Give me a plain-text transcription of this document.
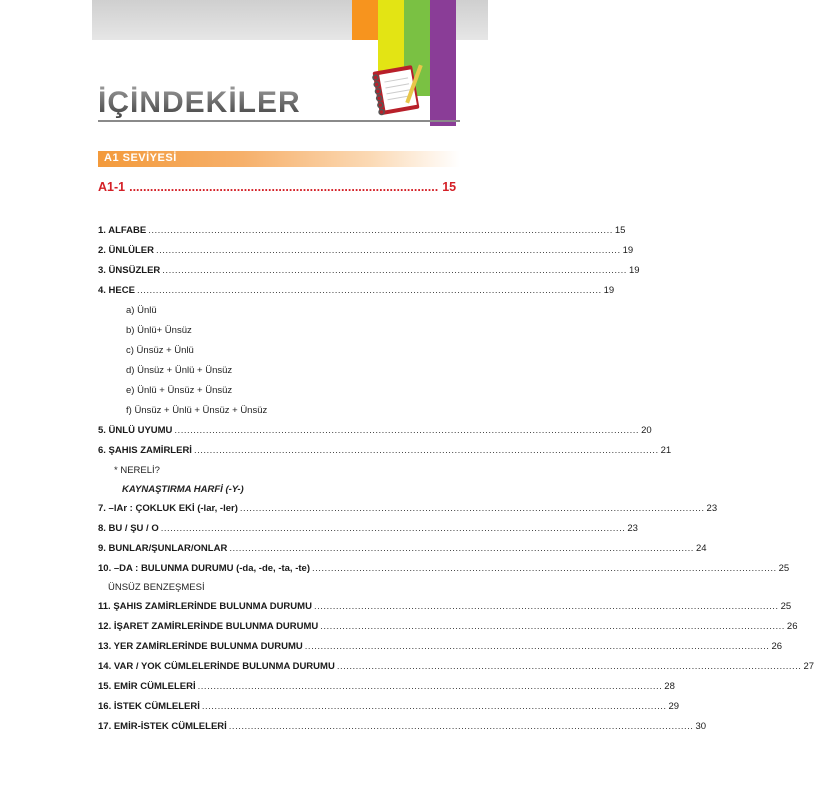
İÇİNDEKİLER
A1 SEVİYESİ
A1-1 ......................................................................................... 15
1. ALFABE .................................................................................................................................................... 15
2. ÜNLÜLER .................................................................................................................................................... 19
3. ÜNSÜZLER .................................................................................................................................................... 19
4. HECE .................................................................................................................................................... 19
a) Ünlü
b) Ünlü+ Ünsüz
c) Ünsüz + Ünlü
d) Ünsüz + Ünlü + Ünsüz
e) Ünlü + Ünsüz + Ünsüz
f) Ünsüz + Ünlü + Ünsüz + Ünsüz
5. ÜNLÜ UYUMU .................................................................................................................................................... 20
6. ŞAHIS ZAMİRLERİ .................................................................................................................................................... 21
* NERELİ?
KAYNAŞTIRMA HARFİ (-Y-)
7. –lAr : ÇOKLUK EKİ (-lar, -ler) .................................................................................................................................................... 23
8. BU / ŞU / O .................................................................................................................................................... 23
9. BUNLAR/ŞUNLAR/ONLAR .................................................................................................................................................... 24
10. –DA : BULUNMA DURUMU (-da, -de, -ta, -te) .................................................................................................................................................... 25
ÜNSÜZ BENZEŞMESİ
11. ŞAHIS ZAMİRLERİNDE BULUNMA DURUMU .................................................................................................................................................... 25
12. İŞARET ZAMİRLERİNDE BULUNMA DURUMU .................................................................................................................................................... 26
13. YER ZAMİRLERİNDE BULUNMA DURUMU .................................................................................................................................................... 26
14. VAR / YOK CÜMLELERİNDE BULUNMA DURUMU .................................................................................................................................................... 27
15. EMİR CÜMLELERİ .................................................................................................................................................... 28
16. İSTEK CÜMLELERİ .................................................................................................................................................... 29
17. EMİR-İSTEK CÜMLELERİ .................................................................................................................................................... 30
